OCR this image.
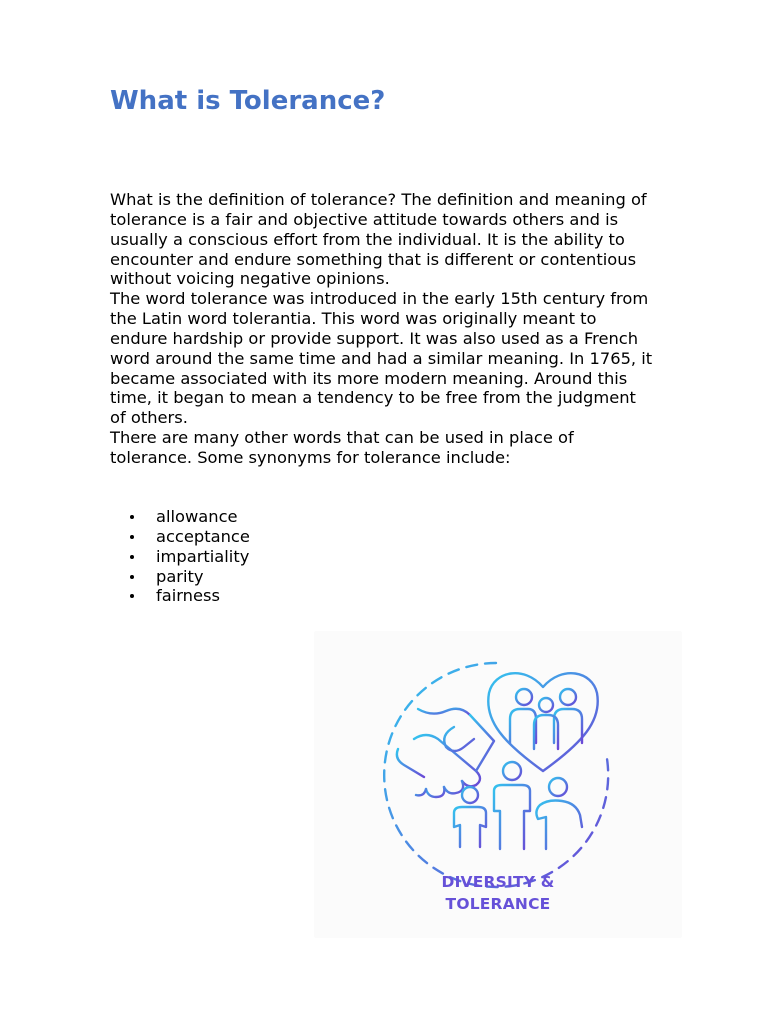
What is Tolerance?

What is the definition of tolerance? The definition and meaning of tolerance is a fair and objective attitude towards others and is usually a conscious effort from the individual. It is the ability to encounter and endure something that is different or contentious without voicing negative opinions.

The word tolerance was introduced in the early 15th century from the Latin word tolerantia. This word was originally meant to endure hardship or provide support. It was also used as a French word around the same time and had a similar meaning. In 1765, it became associated with its more modern meaning. Around this time, it began to mean a tendency to be free from the judgment of others.

There are many other words that can be used in place of tolerance. Some synonyms for tolerance include:

allowance
acceptance
impartiality
parity
fairness
DIVERSITY &
TOLERANCE
